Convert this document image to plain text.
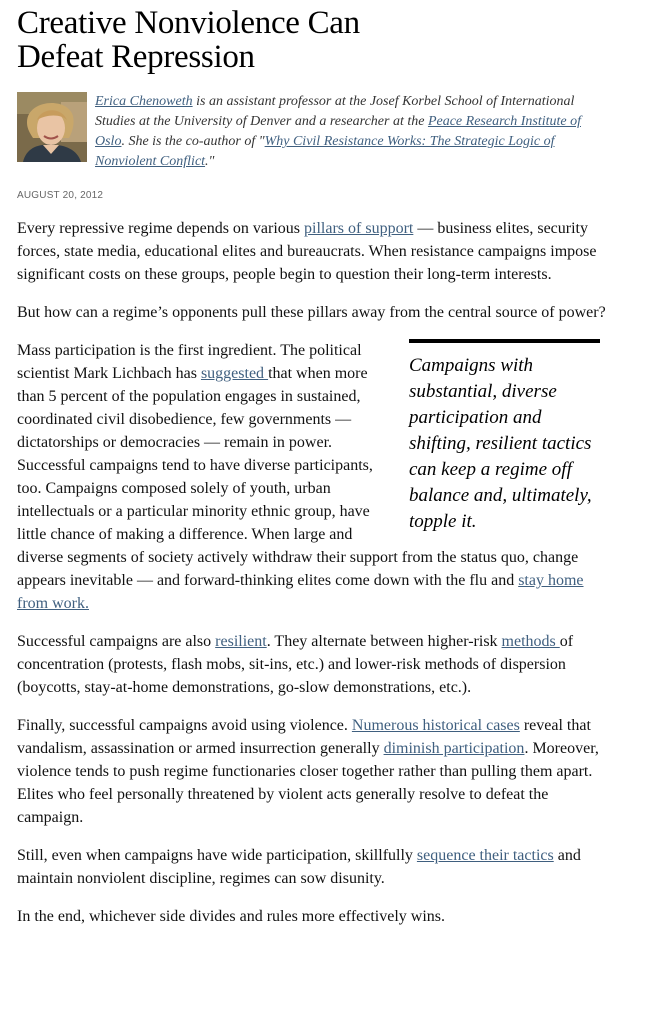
Creative Nonviolence Can
Defeat Repression
Erica Chenoweth is an assistant professor at the Josef Korbel School of International Studies at the University of Denver and a researcher at the Peace Research Institute of Oslo. She is the co-author of "Why Civil Resistance Works: The Strategic Logic of Nonviolent Conflict."
AUGUST 20, 2012

Every repressive regime depends on various pillars of support — business elites, security forces, state media, educational elites and bureaucrats. When resistance campaigns impose significant costs on these groups, people begin to question their long-term interests.

But how can a regime’s opponents pull these pillars away from the central source of power?

Campaigns with substantial, diverse participation and shifting, resilient tactics can keep a regime off balance and, ultimately, topple it.
Mass participation is the first ingredient. The political scientist Mark Lichbach has suggested that when more than 5 percent of the population engages in sustained, coordinated civil disobedience, few governments — dictatorships or democracies — remain in power. Successful campaigns tend to have diverse participants, too. Campaigns composed solely of youth, urban intellectuals or a particular minority ethnic group, have little chance of making a difference. When large and diverse segments of society actively withdraw their support from the status quo, change appears inevitable — and forward-thinking elites come down with the flu and stay home from work.

Successful campaigns are also resilient. They alternate between higher-risk methods of concentration (protests, flash mobs, sit-ins, etc.) and lower-risk methods of dispersion (boycotts, stay-at-home demonstrations, go-slow demonstrations, etc.).

Finally, successful campaigns avoid using violence. Numerous historical cases reveal that vandalism, assassination or armed insurrection generally diminish participation. Moreover, violence tends to push regime functionaries closer together rather than pulling them apart. Elites who feel personally threatened by violent acts generally resolve to defeat the campaign.

Still, even when campaigns have wide participation, skillfully sequence their tactics and maintain nonviolent discipline, regimes can sow disunity.

In the end, whichever side divides and rules more effectively wins.
